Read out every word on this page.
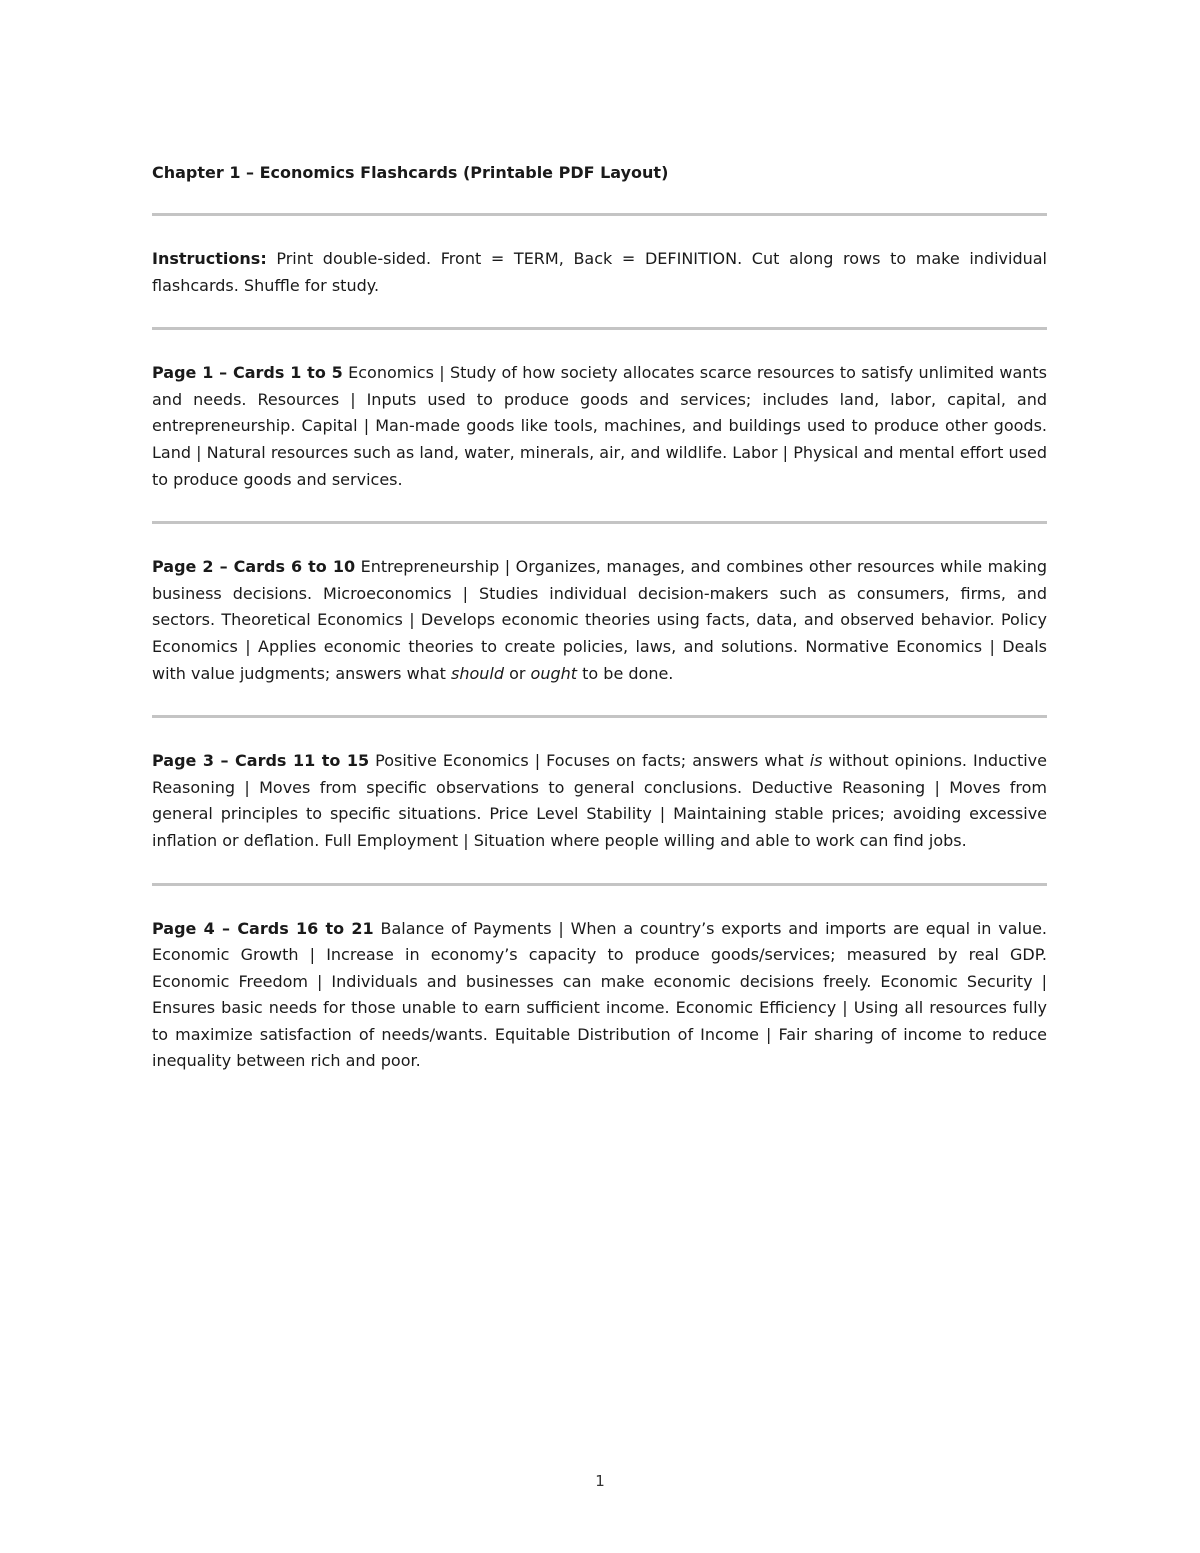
Chapter 1 – Economics Flashcards (Printable PDF Layout)

Instructions: Print double-sided. Front = TERM, Back = DEFINITION. Cut along rows to make individual flashcards. Shuffle for study.

Page 1 – Cards 1 to 5 Economics | Study of how society allocates scarce resources to satisfy unlimited wants and needs. Resources | Inputs used to produce goods and services; includes land, labor, capital, and entrepreneurship. Capital | Man-made goods like tools, machines, and buildings used to produce other goods. Land | Natural resources such as land, water, minerals, air, and wildlife. Labor | Physical and mental effort used to produce goods and services.

Page 2 – Cards 6 to 10 Entrepreneurship | Organizes, manages, and combines other resources while making business decisions. Microeconomics | Studies individual decision-makers such as consumers, firms, and sectors. Theoretical Economics | Develops economic theories using facts, data, and observed behavior. Policy Economics | Applies economic theories to create policies, laws, and solutions. Normative Economics | Deals with value judgments; answers what should or ought to be done.

Page 3 – Cards 11 to 15 Positive Economics | Focuses on facts; answers what is without opinions. Inductive Reasoning | Moves from specific observations to general conclusions. Deductive Reasoning | Moves from general principles to specific situations. Price Level Stability | Maintaining stable prices; avoiding excessive inflation or deflation. Full Employment | Situation where people willing and able to work can find jobs.

Page 4 – Cards 16 to 21 Balance of Payments | When a country’s exports and imports are equal in value. Economic Growth | Increase in economy’s capacity to produce goods/services; measured by real GDP. Economic Freedom | Individuals and businesses can make economic decisions freely. Economic Security | Ensures basic needs for those unable to earn sufficient income. Economic Efficiency | Using all resources fully to maximize satisfaction of needs/wants. Equitable Distribution of Income | Fair sharing of income to reduce inequality between rich and poor.

1
